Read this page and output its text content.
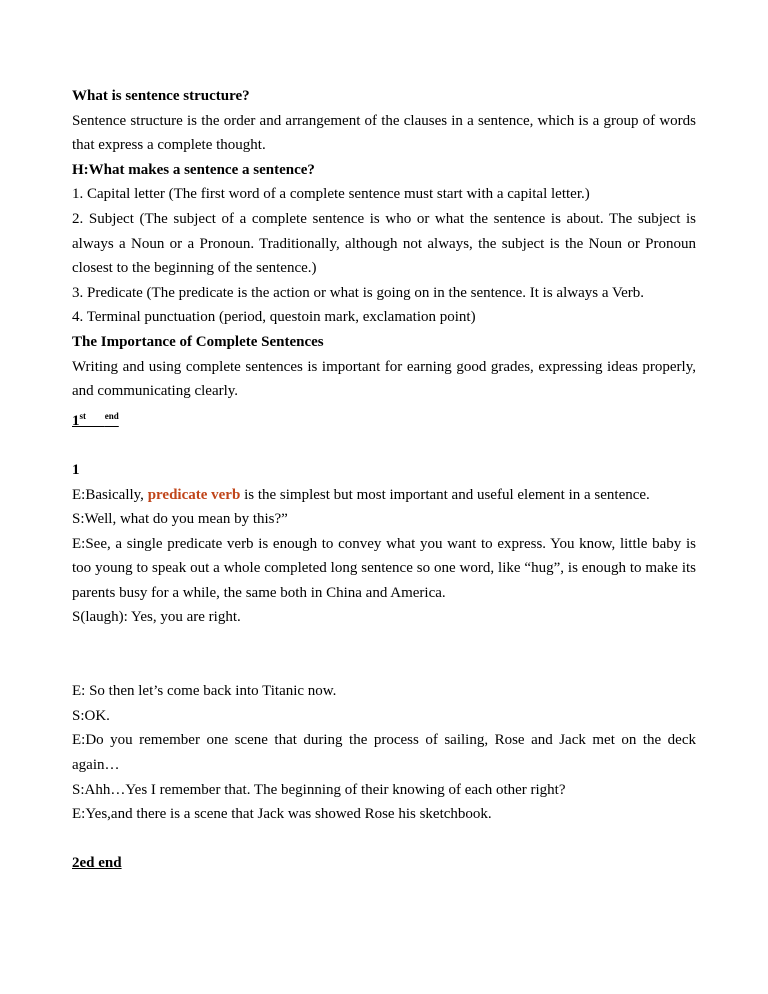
What is sentence structure?

Sentence structure is the order and arrangement of the clauses in a sentence, which is a group of words that express a complete thought.

H:What makes a sentence a sentence?

1. Capital letter (The first word of a complete sentence must start with a capital letter.)

2. Subject (The subject of a complete sentence is who or what the sentence is about. The subject is always a Noun or a Pronoun. Traditionally, although not always, the subject is the Noun or Pronoun closest to the beginning of the sentence.)

3. Predicate (The predicate is the action or what is going on in the sentence. It is always a Verb.

4. Terminal punctuation (period, questoin mark, exclamation point)

The Importance of Complete Sentences

Writing and using complete sentences is important for earning good grades, expressing ideas properly, and communicating clearly.

1st $^{end}$

1

E:Basically, predicate verb is the simplest but most important and useful element in a sentence.

S:Well, what do you mean by this?”

E:See, a single predicate verb is enough to convey what you want to express. You know, little baby is too young to speak out a whole completed long sentence so one word, like “hug”, is enough to make its parents busy for a while, the same both in China and America.

S(laugh): Yes, you are right.

E: So then let’s come back into Titanic now.

S:OK.

E:Do you remember one scene that during the process of sailing, Rose and Jack met on the deck again…

S:Ahh…Yes I remember that. The beginning of their knowing of each other right?

E:Yes,and there is a scene that Jack was showed Rose his sketchbook.

2ed end
